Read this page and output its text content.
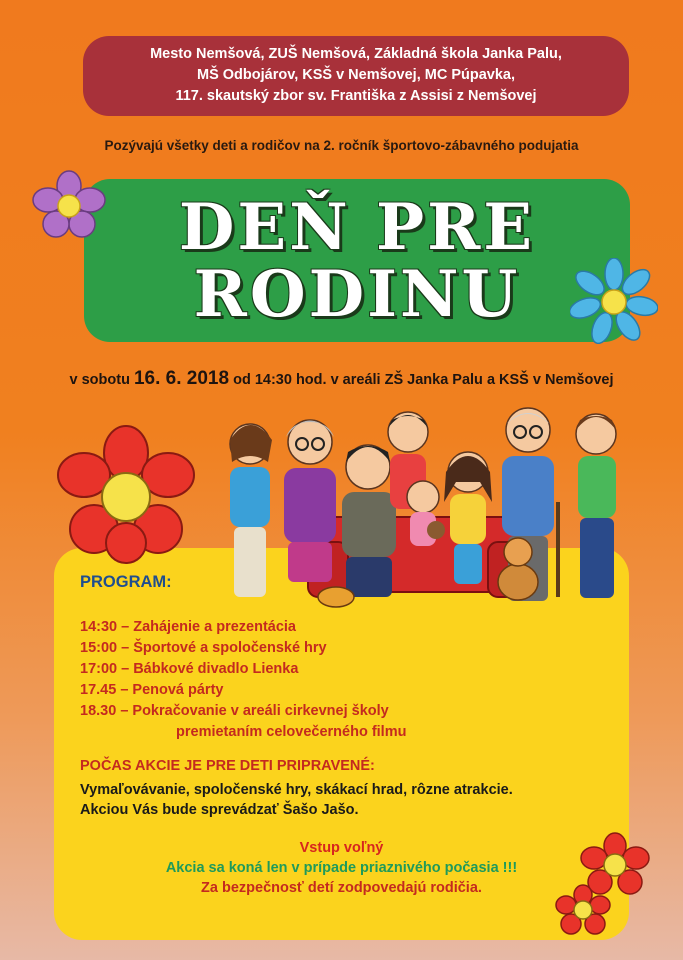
Mesto Nemšová, ZUŠ Nemšová, Základná škola Janka Palu,
MŠ Odbojárov, KSŠ v Nemšovej, MC Púpavka,
117. skautský zbor sv. Františka z Assisi z Nemšovej
Pozývajú všetky deti a rodičov na 2. ročník športovo-zábavného podujatia
DEŇ PRE
RODINU
v sobotu 16. 6. 2018 od 14:30 hod. v areáli ZŠ Janka Palu a KSŠ v Nemšovej
PROGRAM:
14:30 – Zahájenie a prezentácia
15:00 – Športové a spoločenské hry
17:00 – Bábkové divadlo Lienka
17.45 – Penová párty
18.30 – Pokračovanie v areáli cirkevnej školy
premietaním celovečerného filmu
POČAS AKCIE JE PRE DETI PRIPRAVENÉ:
Vymaľovávanie, spoločenské hry, skákací hrad, rôzne atrakcie.
Akciou Vás bude sprevádzať Šašo Jašo.
Vstup voľný
Akcia sa koná len v prípade priaznivého počasia !!!
Za bezpečnosť detí zodpovedajú rodičia.
